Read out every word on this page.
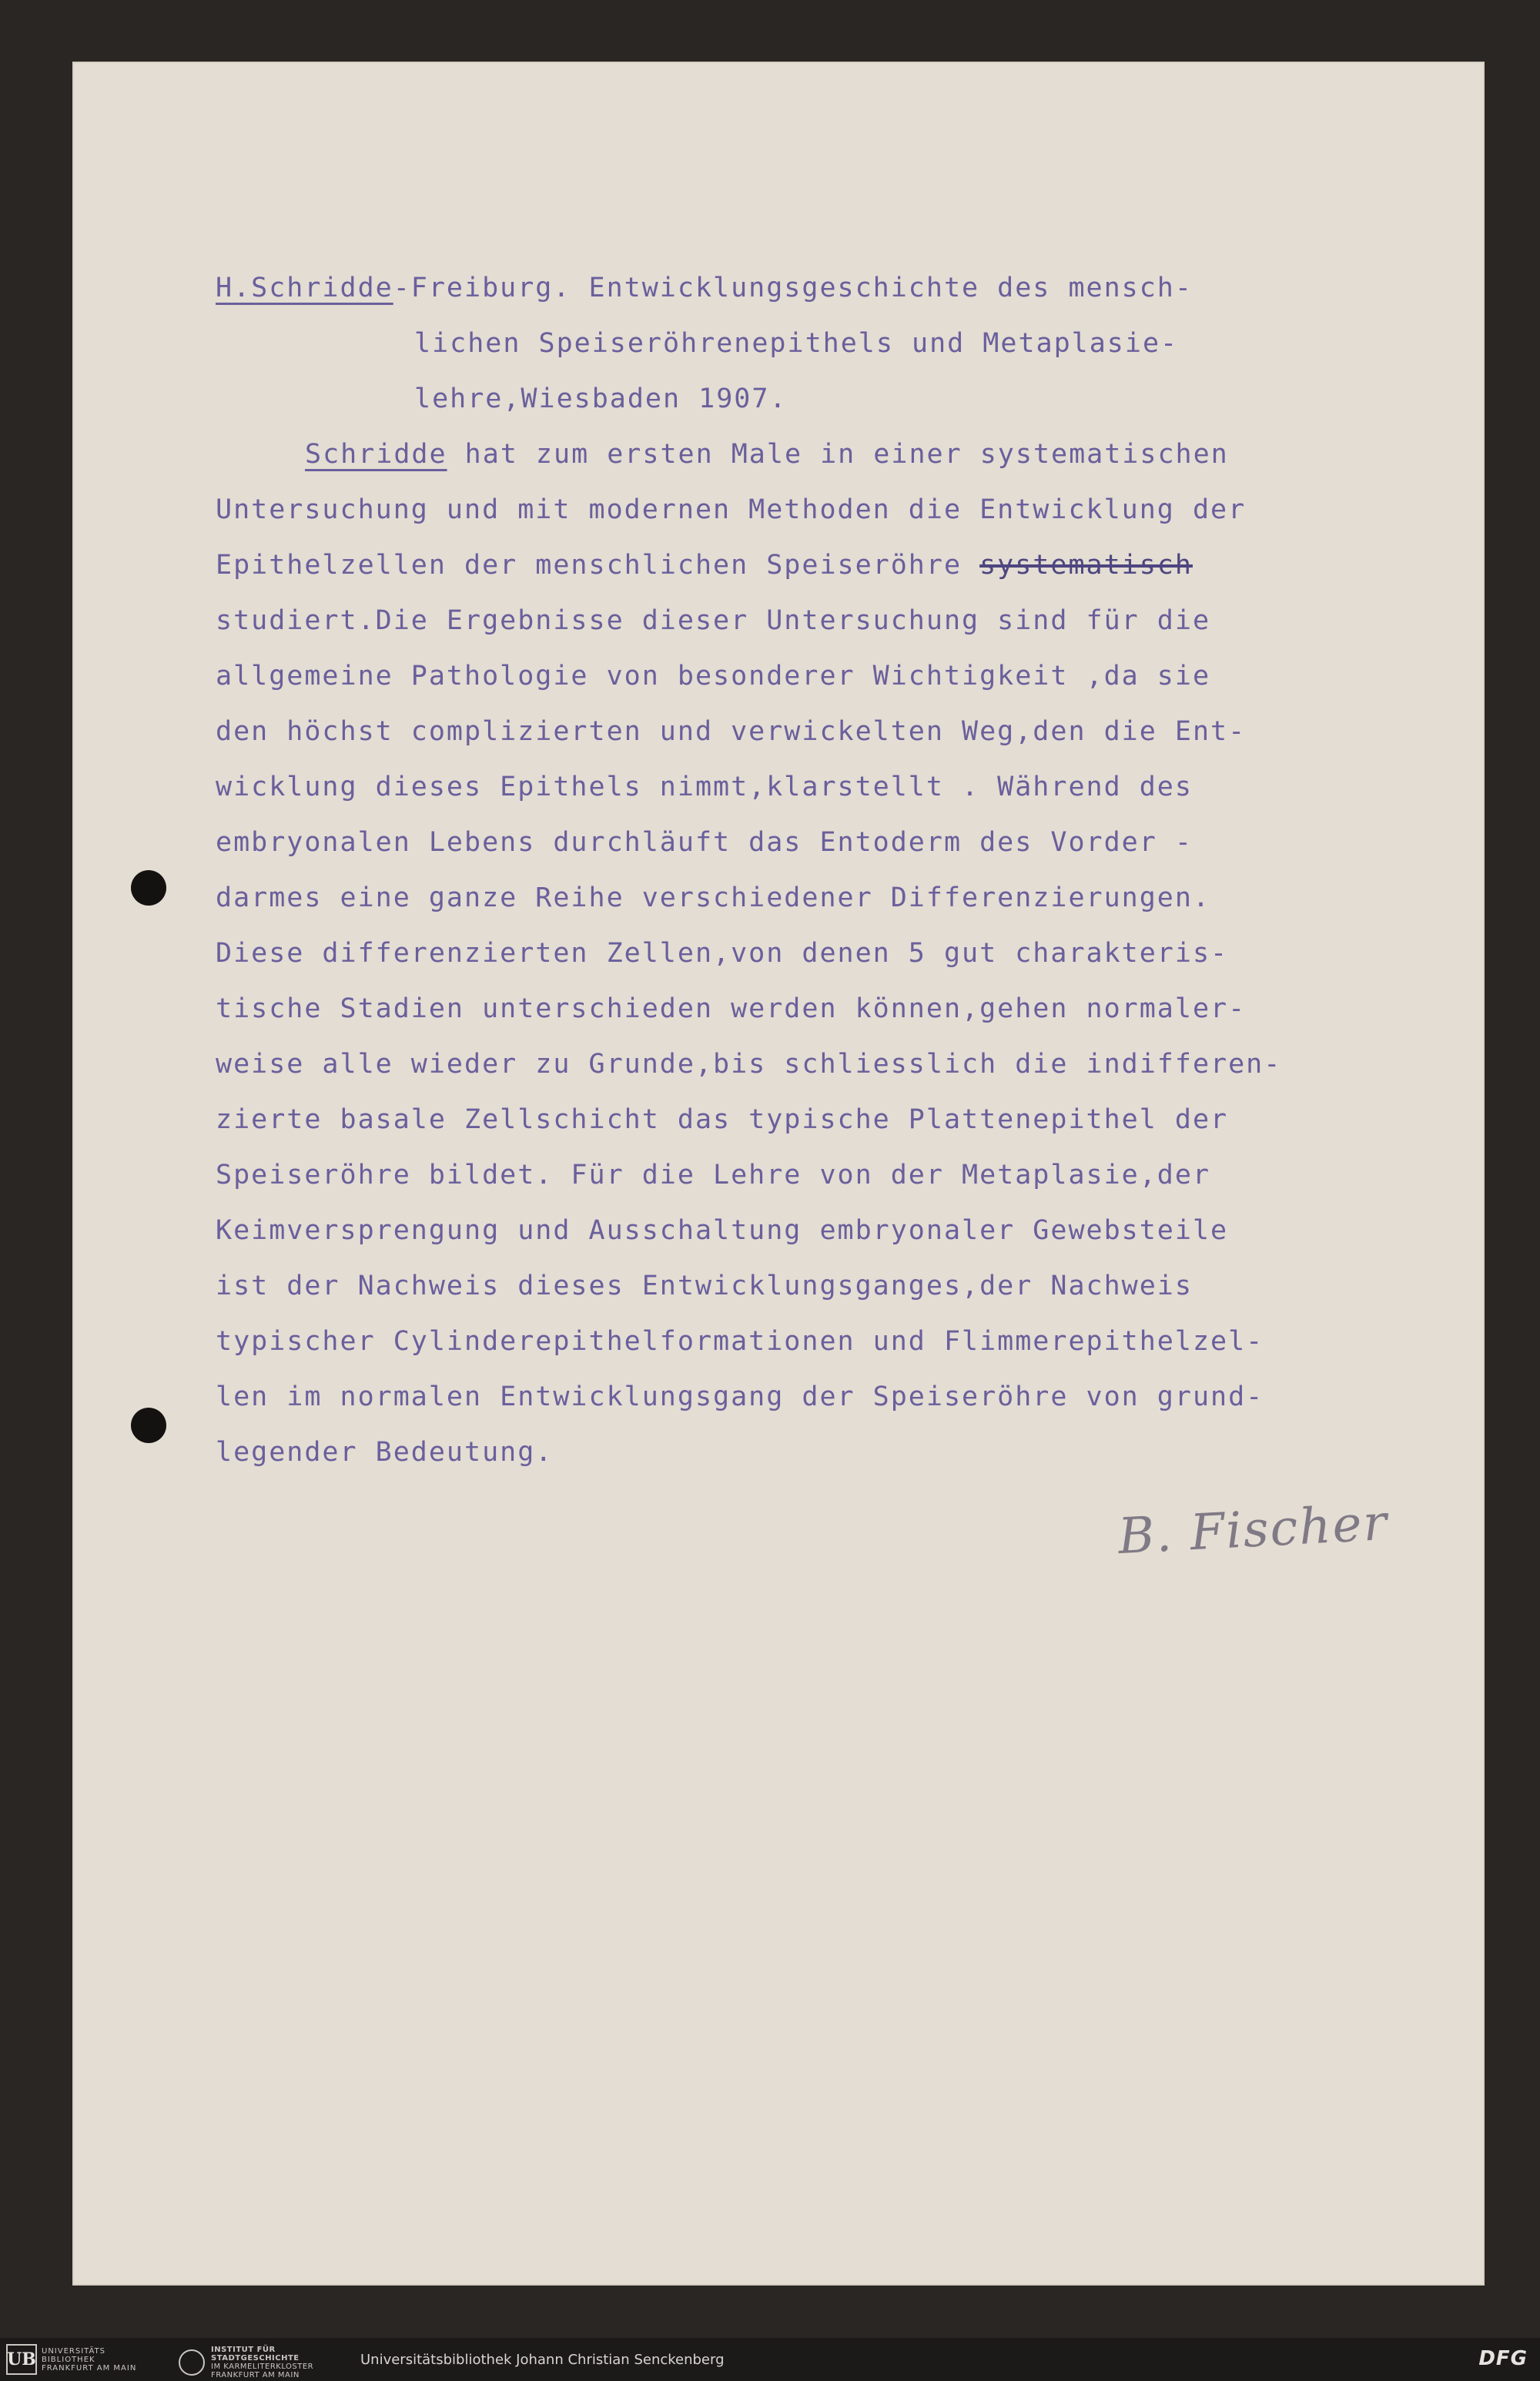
H.Schridde-Freiburg. Entwicklungsgeschichte des mensch-

lichen Speiseröhrenepithels und Metaplasie-

lehre,Wiesbaden 1907.

Schridde hat zum ersten Male in einer systematischen

Untersuchung und mit modernen Methoden die Entwicklung der

Epithelzellen der menschlichen Speiseröhre systematisch

studiert.Die Ergebnisse dieser Untersuchung sind für die

allgemeine Pathologie von besonderer Wichtigkeit ,da sie

den höchst complizierten und verwickelten Weg,den die Ent-

wicklung dieses Epithels nimmt,klarstellt . Während des

embryonalen Lebens durchläuft das Entoderm des Vorder -

darmes eine ganze Reihe verschiedener Differenzierungen.

Diese differenzierten Zellen,von denen 5 gut charakteris-

tische Stadien unterschieden werden können,gehen normaler-

weise alle wieder zu Grunde,bis schliesslich die indifferen-

zierte basale Zellschicht das typische Plattenepithel der

Speiseröhre bildet. Für die Lehre von der Metaplasie,der

Keimversprengung und Ausschaltung embryonaler Gewebsteile

ist der Nachweis dieses Entwicklungsganges,der Nachweis

typischer Cylinderepithelformationen und Flimmerepithelzel-

len im normalen Entwicklungsgang der Speiseröhre von grund-

legender Bedeutung.

B. Fischer
UB UNIVERSITÄTS
BIBLIOTHEK
FRANKFURT AM MAIN
INSTITUT FÜR
STADTGESCHICHTE
IM KARMELITERKLOSTER
FRANKFURT AM MAIN
Universitätsbibliothek Johann Christian Senckenberg	DFG
